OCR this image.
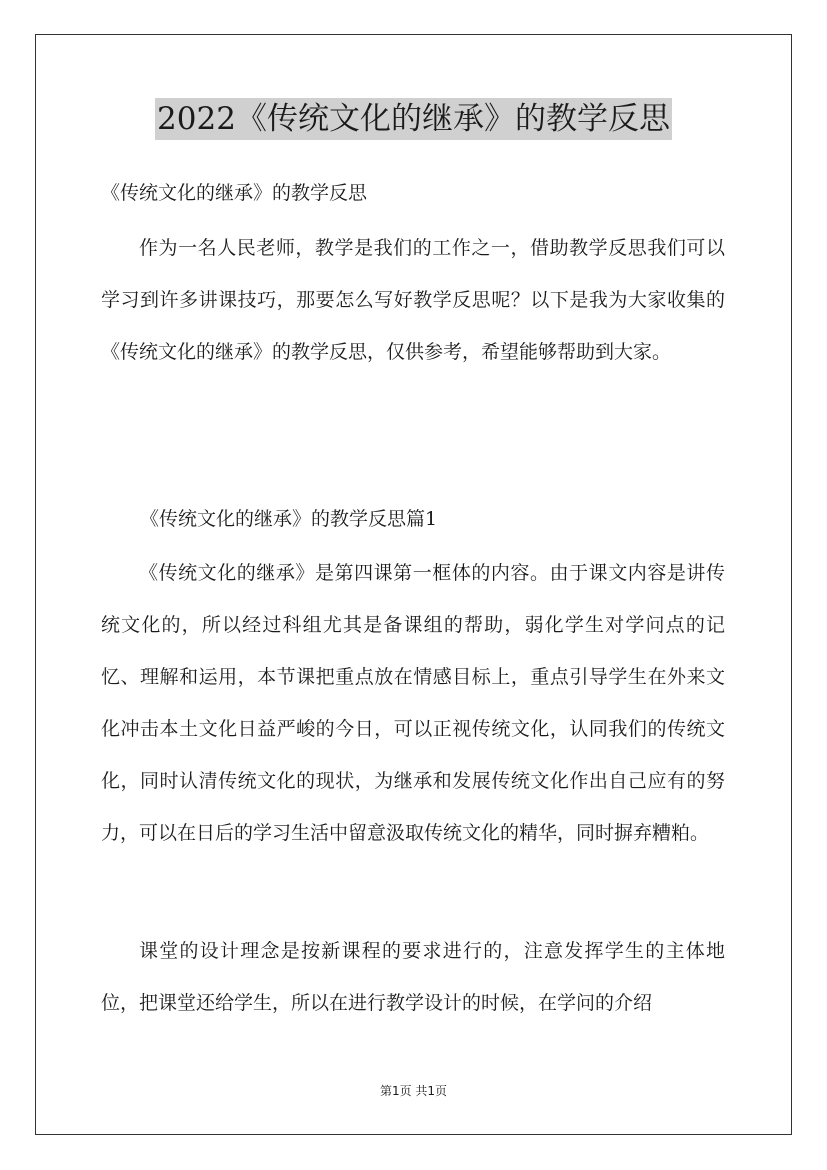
2022《传统文化的继承》的教学反思
《传统文化的继承》的教学反思
作为一名人民老师，教学是我们的工作之一，借助教学反思我们可以学习到许多讲课技巧，那要怎么写好教学反思呢？以下是我为大家收集的《传统文化的继承》的教学反思，仅供参考，希望能够帮助到大家。
《传统文化的继承》的教学反思篇1
《传统文化的继承》是第四课第一框体的内容。由于课文内容是讲传统文化的，所以经过科组尤其是备课组的帮助，弱化学生对学问点的记忆、理解和运用，本节课把重点放在情感目标上，重点引导学生在外来文化冲击本土文化日益严峻的今日，可以正视传统文化，认同我们的传统文化，同时认清传统文化的现状，为继承和发展传统文化作出自己应有的努力，可以在日后的学习生活中留意汲取传统文化的精华，同时摒弃糟粕。
课堂的设计理念是按新课程的要求进行的，注意发挥学生的主体地位，把课堂还给学生，所以在进行教学设计的时候，在学问的介绍
第1页 共1页
